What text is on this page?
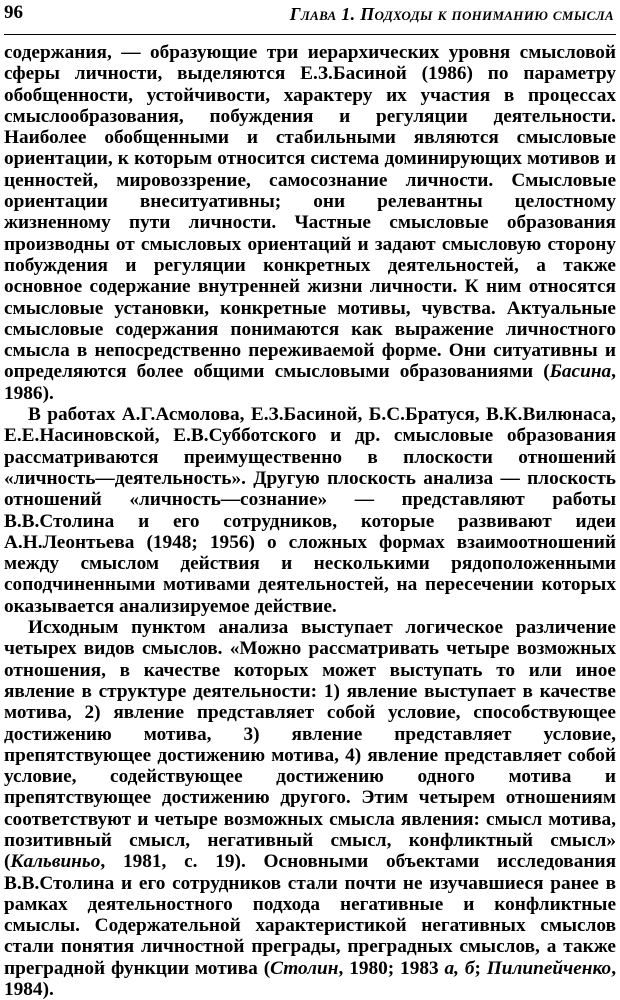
96	Глава 1. Подходы к пониманию смысла

содержания, — образующие три иерархических уровня смысловой сферы личности, выделяются Е.З.Басиной (1986) по параметру обобщенности, устойчивости, характеру их участия в процессах смыслообразования, побуждения и регуляции деятельности. Наиболее обобщенными и стабильными являются смысловые ориентации, к которым относится система доминирующих мотивов и ценностей, мировоззрение, самосознание личности. Смысловые ориентации внеситуативны; они релевантны целостному жизненному пути личности. Частные смысловые образования производны от смысловых ориентаций и задают смысловую сторону побуждения и регуляции конкретных деятельностей, а также основное содержание внутренней жизни личности. К ним относятся смысловые установки, конкретные мотивы, чувства. Актуальные смысловые содержания понимаются как выражение личностного смысла в непосредственно переживаемой форме. Они ситуативны и определяются более общими смысловыми образованиями (Басина, 1986).

В работах А.Г.Асмолова, Е.З.Басиной, Б.С.Братуся, В.К.Вилюнаса, Е.Е.Насиновской, Е.В.Субботского и др. смысловые образования рассматриваются преимущественно в плоскости отношений «личность—деятельность». Другую плоскость анализа — плоскость отношений «личность—сознание» — представляют работы В.В.Столина и его сотрудников, которые развивают идеи А.Н.Леонтьева (1948; 1956) о сложных формах взаимоотношений между смыслом действия и несколькими рядоположенными соподчиненными мотивами деятельностей, на пересечении которых оказывается анализируемое действие.

Исходным пунктом анализа выступает логическое различение четырех видов смыслов. «Можно рассматривать четыре возможных отношения, в качестве которых может выступать то или иное явление в структуре деятельности: 1) явление выступает в качестве мотива, 2) явление представляет собой условие, способствующее достижению мотива, 3) явление представляет условие, препятствующее достижению мотива, 4) явление представляет собой условие, содействующее достижению одного мотива и препятствующее достижению другого. Этим четырем отношениям соответствуют и четыре возможных смысла явления: смысл мотива, позитивный смысл, негативный смысл, конфликтный смысл» (Кальвиньо, 1981, с. 19). Основными объектами исследования В.В.Столина и его сотрудников стали почти не изучавшиеся ранее в рамках деятельностного подхода негативные и конфликтные смыслы. Содержательной характеристикой негативных смыслов стали понятия личностной преграды, преградных смыслов, а также преградной функции мотива (Столин, 1980; 1983 а, б; Пилипейченко, 1984).
